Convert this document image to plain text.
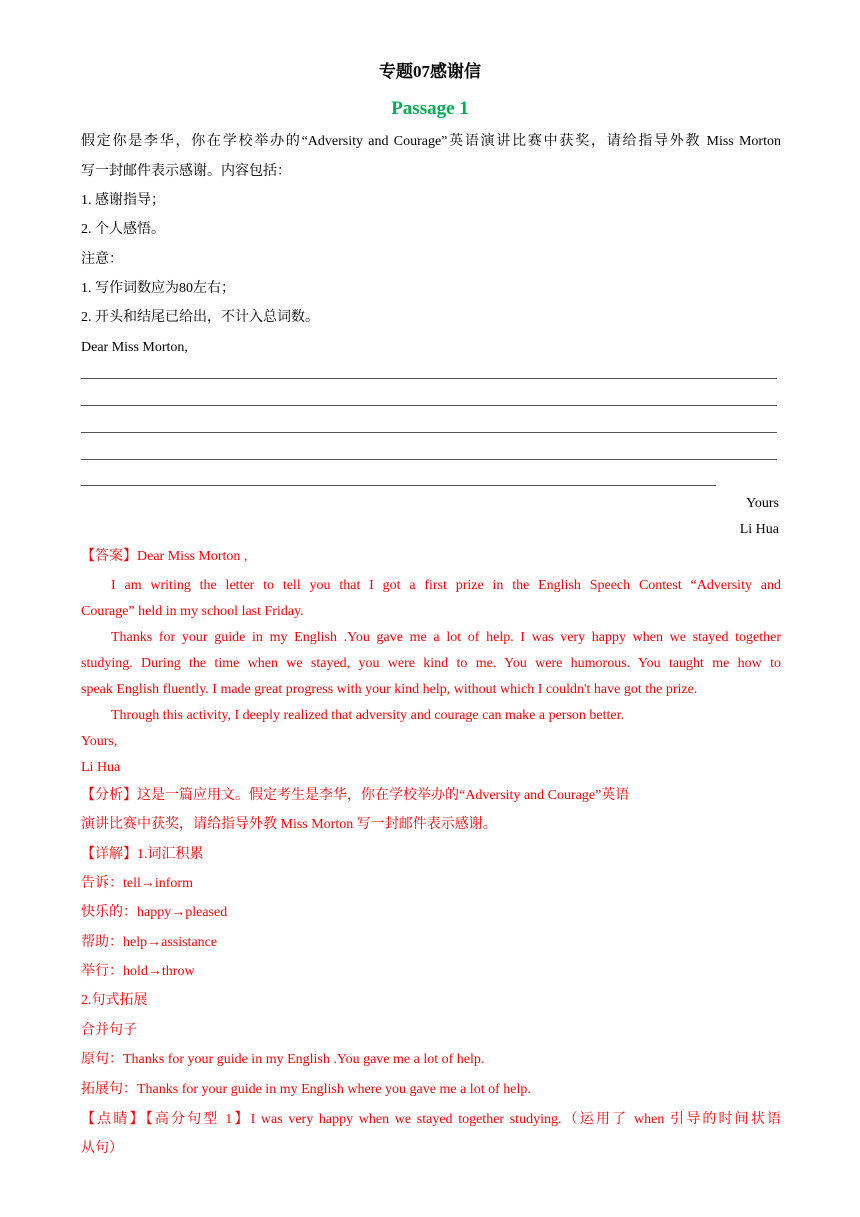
专题07感谢信
Passage 1
假定你是李华，你在学校举办的“Adversity and Courage”英语演讲比赛中获奖，请给指导外教 Miss Morton
写一封邮件表示感谢。内容包括：
1. 感谢指导；
2. 个人感悟。
注意：
1. 写作词数应为80左右；
2. 开头和结尾已给出，不计入总词数。
Dear Miss Morton,
Yours
Li Hua
【答案】Dear Miss Morton ,
I am writing the letter to tell you that I got a first prize in the English Speech Contest “Adversity and
Courage” held in my school last Friday.
Thanks for your guide in my English .You gave me a lot of help. I was very happy when we stayed together
studying. During the time when we stayed, you were kind to me. You were humorous. You taught me how to
speak English fluently. I made great progress with your kind help, without which I couldn't have got the prize.
Through this activity, I deeply realized that adversity and courage can make a person better.
Yours,
Li Hua
【分析】这是一篇应用文。假定考生是李华，你在学校举办的“Adversity and Courage”英语
演讲比赛中获奖，请给指导外教 Miss Morton 写一封邮件表示感谢。
【详解】1.词汇积累
告诉：tell→inform
快乐的：happy→pleased
帮助：help→assistance
举行：hold→throw
2.句式拓展
合并句子
原句：Thanks for your guide in my English .You gave me a lot of help.
拓展句：Thanks for your guide in my English where you gave me a lot of help.
【点睛】【高分句型 1】I was very happy when we stayed together studying.（运用了 when 引导的时间状语
从句）
